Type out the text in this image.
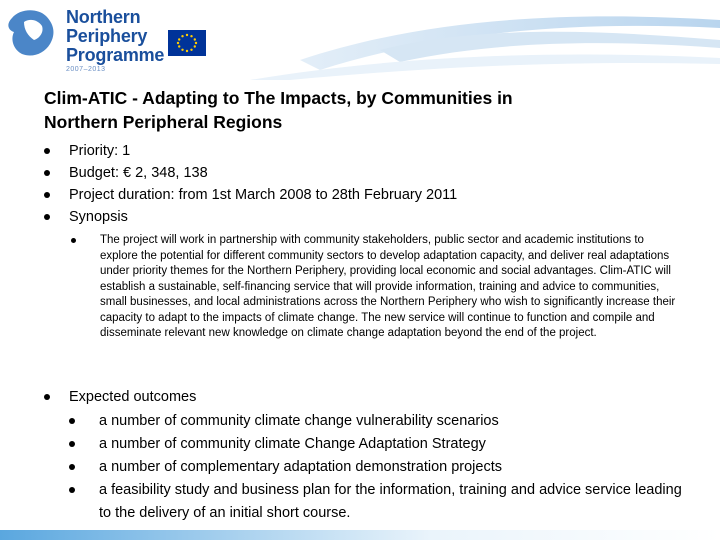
Northern
Periphery
Programme
2007–2013
Clim-ATIC - Adapting to The Impacts, by Communities in
Northern Peripheral Regions
Priority: 1
Budget: € 2, 348, 138
Project duration: from 1st March 2008 to 28th February 2011
Synopsis
The project will work in partnership with community stakeholders, public sector and academic institutions to explore the potential for different community sectors to develop adaptation capacity, and deliver real adaptations under priority themes for the Northern Periphery, providing local economic and social advantages. Clim-ATIC will establish a sustainable, self-financing service that will provide information, training and advice to communities, small businesses, and local administrations across the Northern Periphery who wish to significantly increase their capacity to adapt to the impacts of climate change. The new service will continue to function and compile and disseminate relevant new knowledge on climate change adaptation beyond the end of the project.
Expected outcomes
a number of community climate change vulnerability scenarios
a number of community climate Change Adaptation Strategy
a number of complementary adaptation demonstration projects
a feasibility study and business plan for the information, training and advice service leading to the delivery of an initial short course.
